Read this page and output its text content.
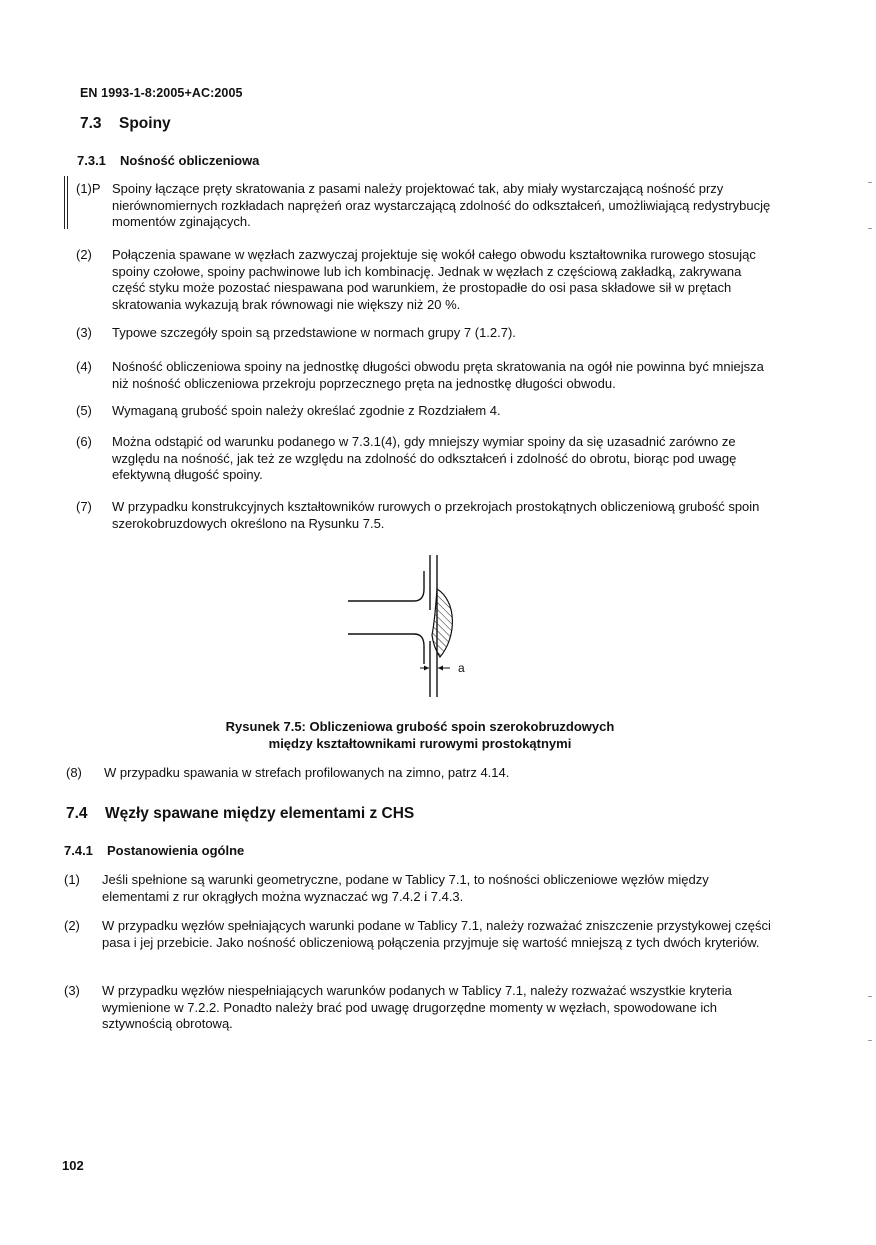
EN 1993-1-8:2005+AC:2005
7.3 Spoiny
7.3.1 Nośność obliczeniowa
(1)P Spoiny łączące pręty skratowania z pasami należy projektować tak, aby miały wystarczającą nośność przy nierównomiernych rozkładach naprężeń oraz wystarczającą zdolność do odkształceń, umożliwiającą redystrybucję momentów zginających.
(2) Połączenia spawane w węzłach zazwyczaj projektuje się wokół całego obwodu kształtownika rurowego stosując spoiny czołowe, spoiny pachwinowe lub ich kombinację. Jednak w węzłach z częściową zakładką, zakrywana część styku może pozostać niespawana pod warunkiem, że prostopadłe do osi pasa składowe sił w prętach skratowania wykazują brak równowagi nie większy niż 20 %.
(3) Typowe szczegóły spoin są przedstawione w normach grupy 7 (1.2.7).
(4) Nośność obliczeniowa spoiny na jednostkę długości obwodu pręta skratowania na ogół nie powinna być mniejsza niż nośność obliczeniowa przekroju poprzecznego pręta na jednostkę długości obwodu.
(5) Wymaganą grubość spoin należy określać zgodnie z Rozdziałem 4.
(6) Można odstąpić od warunku podanego w 7.3.1(4), gdy mniejszy wymiar spoiny da się uzasadnić zarówno ze względu na nośność, jak też ze względu na zdolność do odkształceń i zdolność do obrotu, biorąc pod uwagę efektywną długość spoiny.
(7) W przypadku konstrukcyjnych kształtowników rurowych o przekrojach prostokątnych obliczeniową grubość spoin szerokobruzdowych określono na Rysunku 7.5.
a
Rysunek 7.5: Obliczeniowa grubość spoin szerokobruzdowych
między kształtownikami rurowymi prostokątnymi
(8) W przypadku spawania w strefach profilowanych na zimno, patrz 4.14.
7.4 Węzły spawane między elementami z CHS
7.4.1 Postanowienia ogólne
(1) Jeśli spełnione są warunki geometryczne, podane w Tablicy 7.1, to nośności obliczeniowe węzłów między elementami z rur okrągłych można wyznaczać wg 7.4.2 i 7.4.3.
(2) W przypadku węzłów spełniających warunki podane w Tablicy 7.1, należy rozważać zniszczenie przystykowej części pasa i jej przebicie. Jako nośność obliczeniową połączenia przyjmuje się wartość mniejszą z tych dwóch kryteriów.
(3) W przypadku węzłów niespełniających warunków podanych w Tablicy 7.1, należy rozważać wszystkie kryteria wymienione w 7.2.2. Ponadto należy brać pod uwagę drugorzędne momenty w węzłach, spowodowane ich sztywnością obrotową.
102
